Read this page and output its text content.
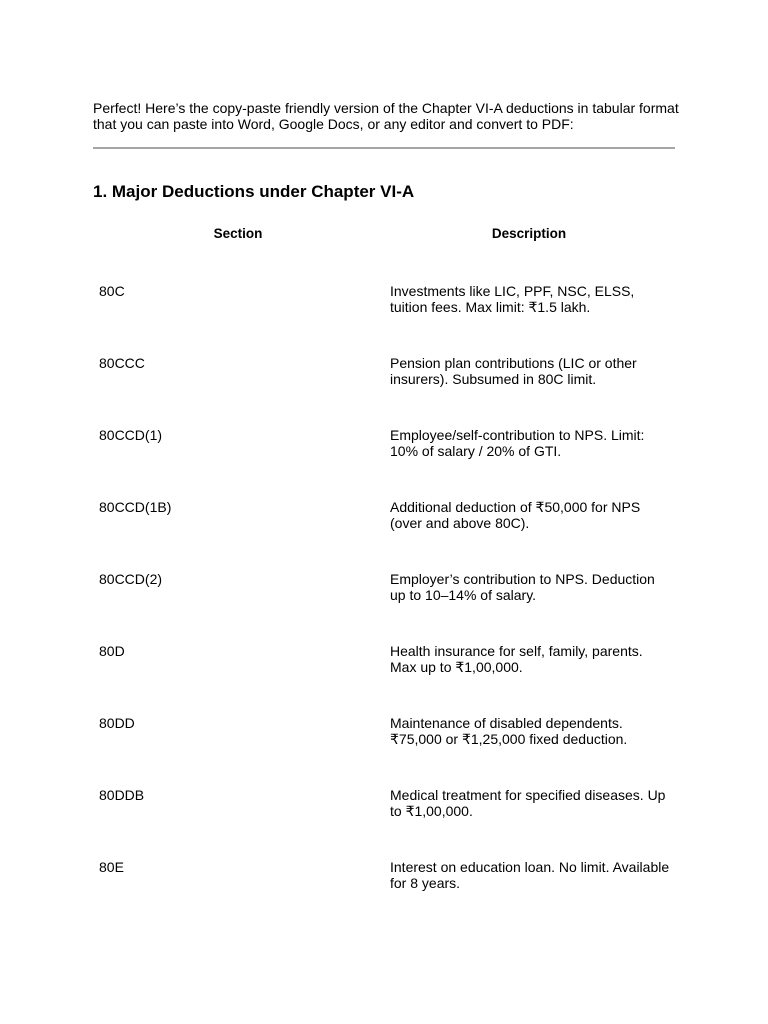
Perfect! Here’s the copy-paste friendly version of the Chapter VI-A deductions in tabular format that you can paste into Word, Google Docs, or any editor and convert to PDF:

1. Major Deductions under Chapter VI-A
Section	Description
80C	Investments like LIC, PPF, NSC, ELSS, tuition fees. Max limit: ₹1.5 lakh.
80CCC	Pension plan contributions (LIC or other insurers). Subsumed in 80C limit.
80CCD(1)	Employee/self-contribution to NPS. Limit: 10% of salary / 20% of GTI.
80CCD(1B)	Additional deduction of ₹50,000 for NPS (over and above 80C).
80CCD(2)	Employer’s contribution to NPS. Deduction up to 10–14% of salary.
80D	Health insurance for self, family, parents. Max up to ₹1,00,000.
80DD	Maintenance of disabled dependents. ₹75,000 or ₹1,25,000 fixed deduction.
80DDB	Medical treatment for specified diseases. Up to ₹1,00,000.
80E	Interest on education loan. No limit. Available for 8 years.
